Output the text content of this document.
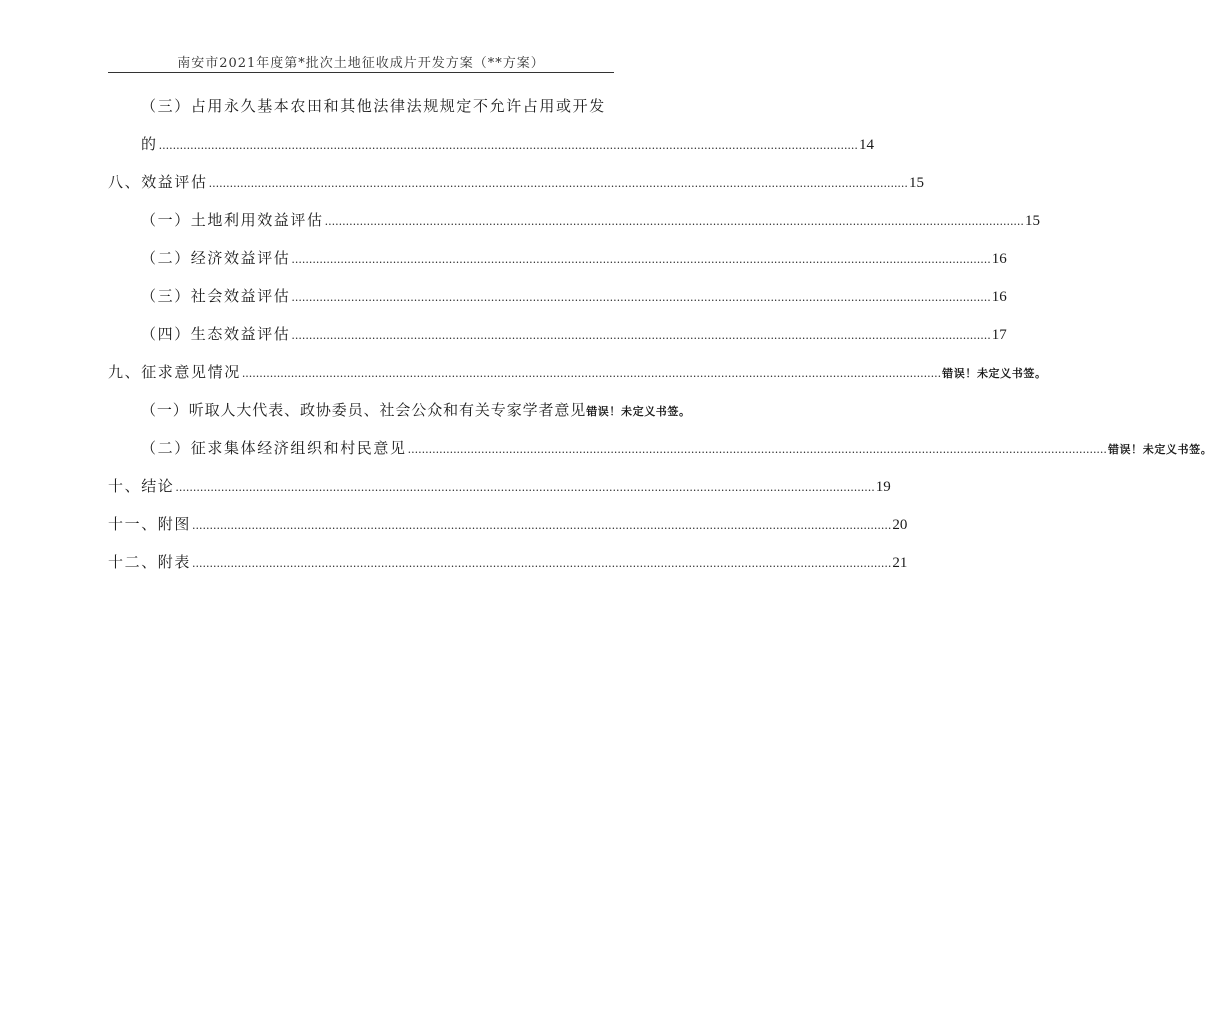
南安市2021年度第*批次土地征收成片开发方案（**方案）
（三）占用永久基本农田和其他法律法规规定不允许占用或开发
的 ........................................................................................................................................................................................................ 14
八、效益评估 ........................................................................................................................................................................................................ 15
（一）土地利用效益评估 ........................................................................................................................................................................................................ 15
（二）经济效益评估 ........................................................................................................................................................................................................ 16
（三）社会效益评估 ........................................................................................................................................................................................................ 16
（四）生态效益评估 ........................................................................................................................................................................................................ 17
九、征求意见情况 ........................................................................................................................................................................................................ 错误！未定义书签。
（一）听取人大代表、政协委员、社会公众和有关专家学者意见 错误！未定义书签。
（二）征求集体经济组织和村民意见 ........................................................................................................................................................................................................ 错误！未定义书签。
十、结论 ........................................................................................................................................................................................................ 19
十一、附图 ........................................................................................................................................................................................................ 20
十二、附表 ........................................................................................................................................................................................................ 21
